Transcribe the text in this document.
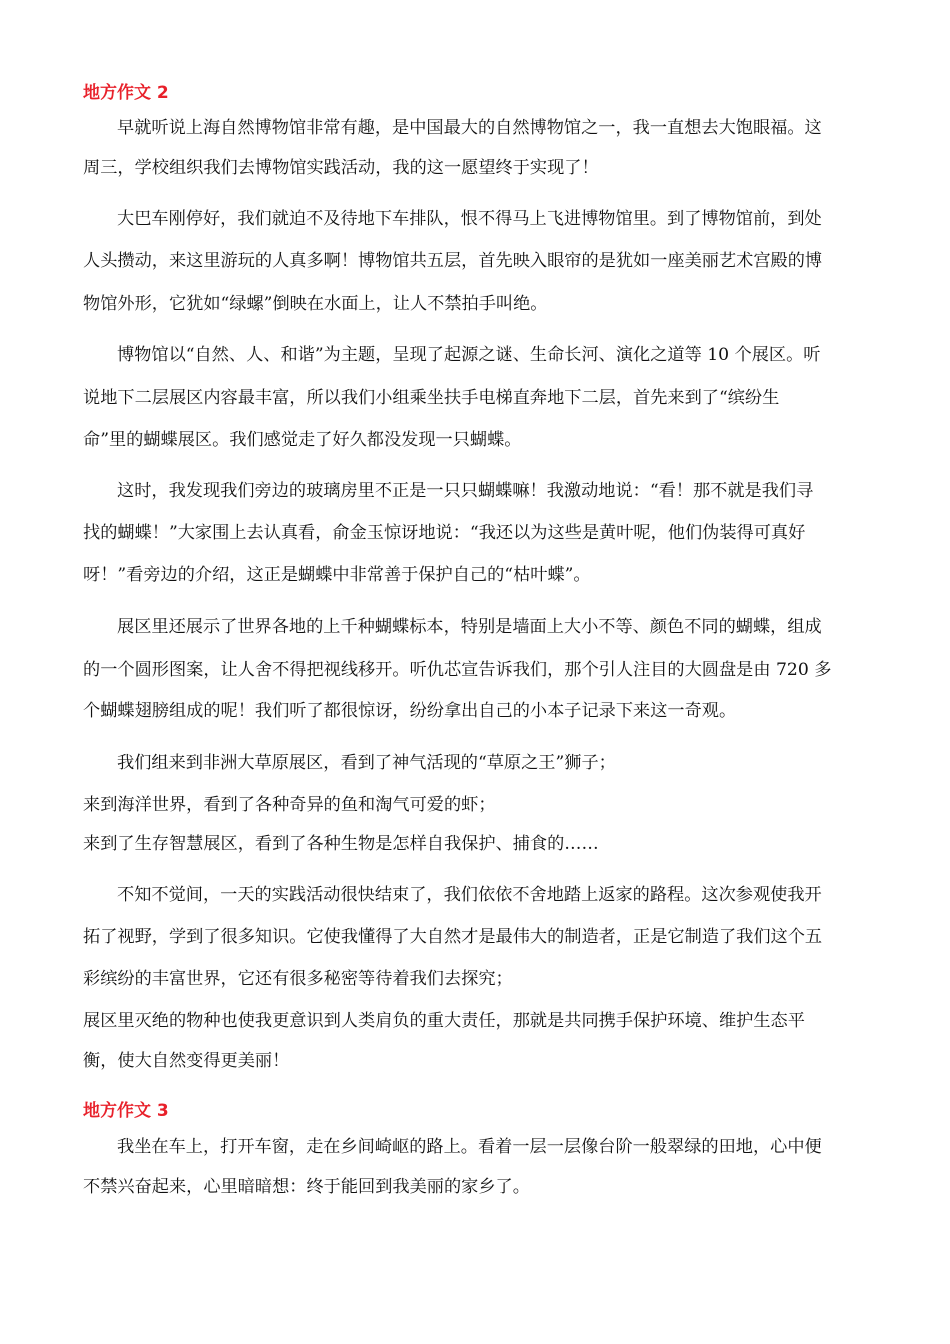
地方作文 2
早就听说上海自然博物馆非常有趣，是中国最大的自然博物馆之一，我一直想去大饱眼福。这
周三，学校组织我们去博物馆实践活动，我的这一愿望终于实现了！
大巴车刚停好，我们就迫不及待地下车排队，恨不得马上飞进博物馆里。到了博物馆前，到处
人头攒动，来这里游玩的人真多啊！博物馆共五层，首先映入眼帘的是犹如一座美丽艺术宫殿的博
物馆外形，它犹如“绿螺”倒映在水面上，让人不禁拍手叫绝。
博物馆以“自然、人、和谐”为主题，呈现了起源之谜、生命长河、演化之道等 10 个展区。听
说地下二层展区内容最丰富，所以我们小组乘坐扶手电梯直奔地下二层，首先来到了“缤纷生
命”里的蝴蝶展区。我们感觉走了好久都没发现一只蝴蝶。
这时，我发现我们旁边的玻璃房里不正是一只只蝴蝶嘛！我激动地说：“看！那不就是我们寻
找的蝴蝶！”大家围上去认真看，俞金玉惊讶地说：“我还以为这些是黄叶呢，他们伪装得可真好
呀！”看旁边的介绍，这正是蝴蝶中非常善于保护自己的“枯叶蝶”。
展区里还展示了世界各地的上千种蝴蝶标本，特别是墙面上大小不等、颜色不同的蝴蝶，组成
的一个圆形图案，让人舍不得把视线移开。听仇芯宣告诉我们，那个引人注目的大圆盘是由 720 多
个蝴蝶翅膀组成的呢！我们听了都很惊讶，纷纷拿出自己的小本子记录下来这一奇观。
我们组来到非洲大草原展区，看到了神气活现的“草原之王”狮子；
来到海洋世界，看到了各种奇异的鱼和淘气可爱的虾；
来到了生存智慧展区，看到了各种生物是怎样自我保护、捕食的……
不知不觉间，一天的实践活动很快结束了，我们依依不舍地踏上返家的路程。这次参观使我开
拓了视野，学到了很多知识。它使我懂得了大自然才是最伟大的制造者，正是它制造了我们这个五
彩缤纷的丰富世界，它还有很多秘密等待着我们去探究；
展区里灭绝的物种也使我更意识到人类肩负的重大责任，那就是共同携手保护环境、维护生态平
衡，使大自然变得更美丽！
地方作文 3
我坐在车上，打开车窗，走在乡间崎岖的路上。看着一层一层像台阶一般翠绿的田地，心中便
不禁兴奋起来，心里暗暗想：终于能回到我美丽的家乡了。
